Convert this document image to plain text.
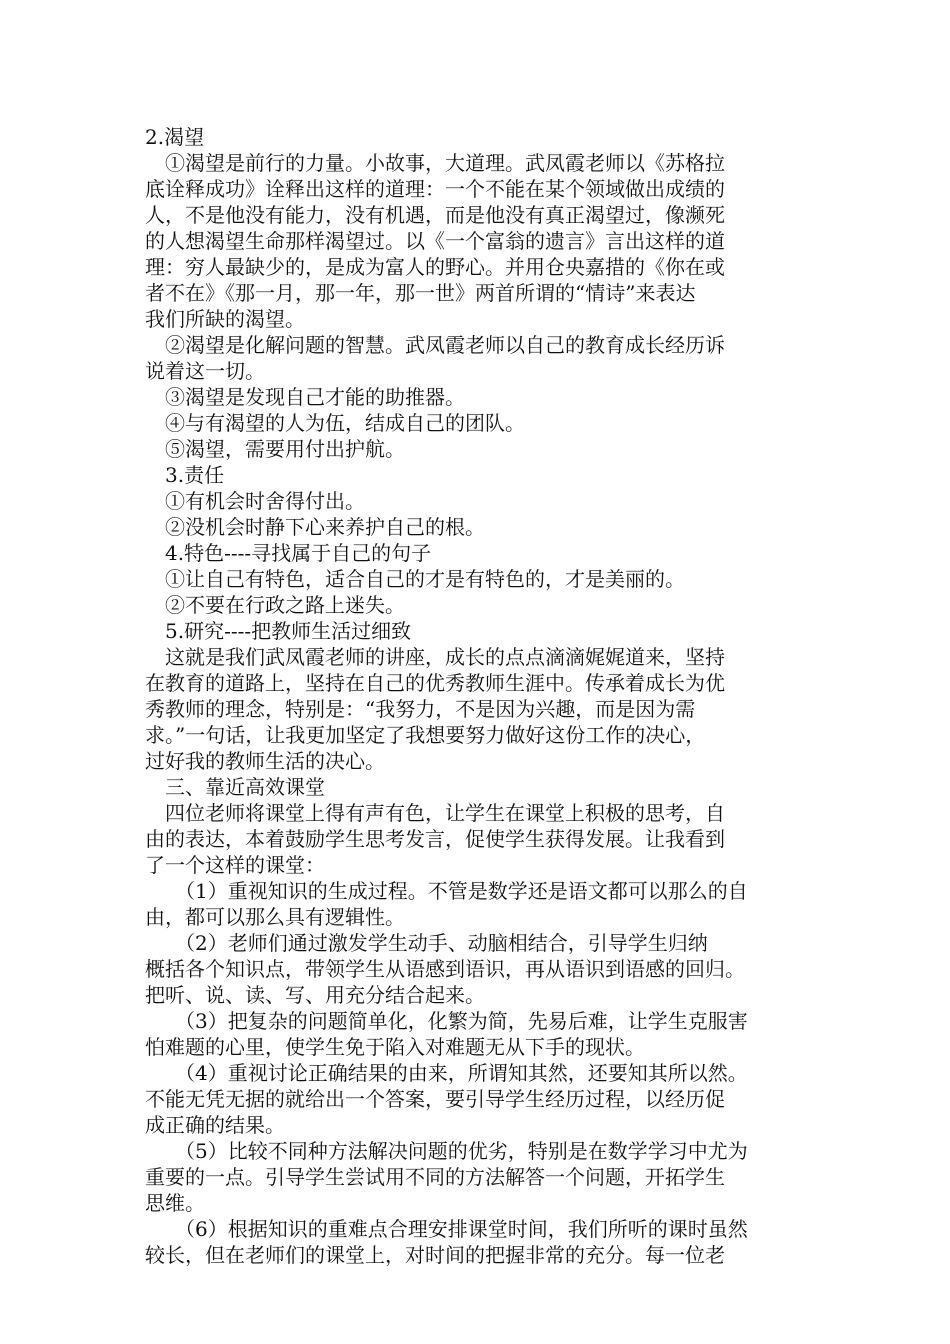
2.渴望

①渴望是前行的力量。小故事，大道理。武凤霞老师以《苏格拉

底诠释成功》诠释出这样的道理：一个不能在某个领域做出成绩的

人，不是他没有能力，没有机遇，而是他没有真正渴望过，像濒死

的人想渴望生命那样渴望过。以《一个富翁的遗言》言出这样的道

理：穷人最缺少的，是成为富人的野心。并用仓央嘉措的《你在或

者不在》《那一月，那一年，那一世》两首所谓的“情诗”来表达

我们所缺的渴望。

②渴望是化解问题的智慧。武凤霞老师以自己的教育成长经历诉

说着这一切。

③渴望是发现自己才能的助推器。

④与有渴望的人为伍，结成自己的团队。

⑤渴望，需要用付出护航。

3.责任

①有机会时舍得付出。

②没机会时静下心来养护自己的根。

4.特色----寻找属于自己的句子

①让自己有特色，适合自己的才是有特色的，才是美丽的。

②不要在行政之路上迷失。

5.研究----把教师生活过细致

这就是我们武凤霞老师的讲座，成长的点点滴滴娓娓道来，坚持

在教育的道路上，坚持在自己的优秀教师生涯中。传承着成长为优

秀教师的理念，特别是：“我努力，不是因为兴趣，而是因为需

求。”一句话，让我更加坚定了我想要努力做好这份工作的决心，

过好我的教师生活的决心。

三、靠近高效课堂

四位老师将课堂上得有声有色，让学生在课堂上积极的思考，自

由的表达，本着鼓励学生思考发言，促使学生获得发展。让我看到

了一个这样的课堂：

（1）重视知识的生成过程。不管是数学还是语文都可以那么的自

由，都可以那么具有逻辑性。

（2）老师们通过激发学生动手、动脑相结合，引导学生归纳

概括各个知识点，带领学生从语感到语识，再从语识到语感的回归。

把听、说、读、写、用充分结合起来。

（3）把复杂的问题简单化，化繁为简，先易后难，让学生克服害

怕难题的心里，使学生免于陷入对难题无从下手的现状。

（4）重视讨论正确结果的由来，所谓知其然，还要知其所以然。

不能无凭无据的就给出一个答案，要引导学生经历过程，以经历促

成正确的结果。

（5）比较不同种方法解决问题的优劣，特别是在数学学习中尤为

重要的一点。引导学生尝试用不同的方法解答一个问题，开拓学生

思维。

（6）根据知识的重难点合理安排课堂时间，我们所听的课时虽然

较长，但在老师们的课堂上，对时间的把握非常的充分。每一位老
